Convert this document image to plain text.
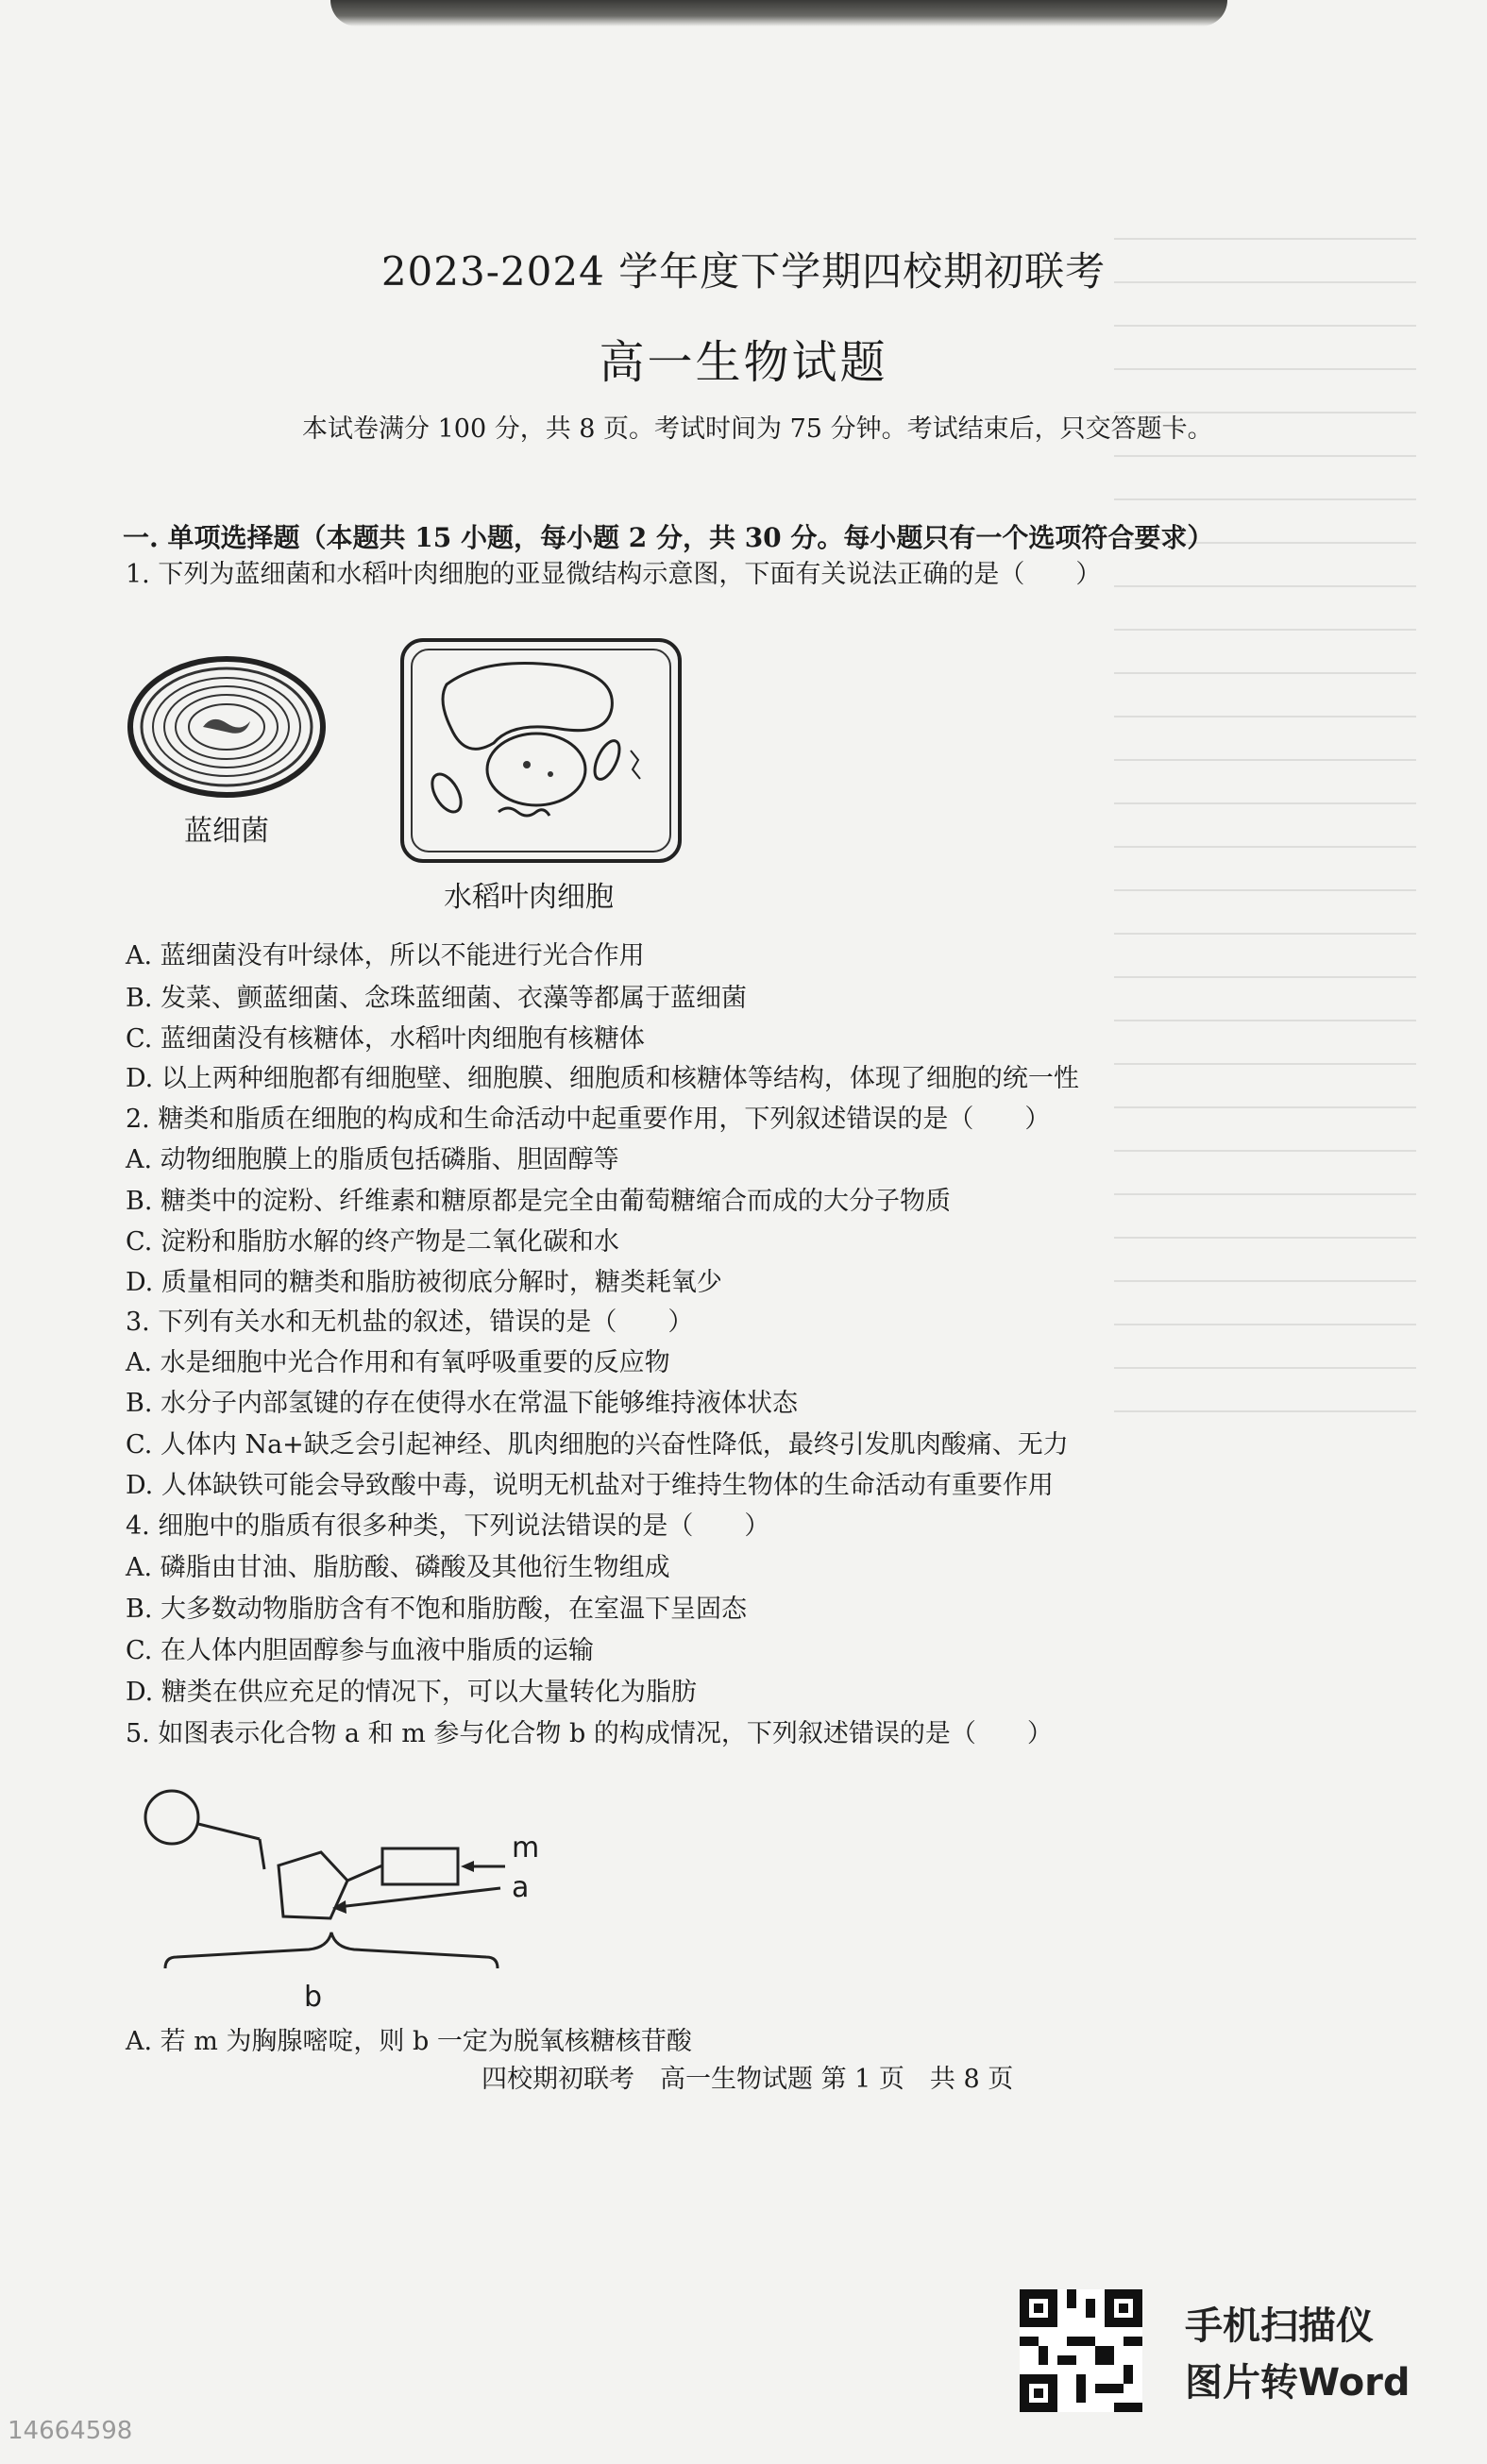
2023-2024 学年度下学期四校期初联考
高一生物试题
本试卷满分 100 分，共 8 页。考试时间为 75 分钟。考试结束后，只交答题卡。
一. 单项选择题（本题共 15 小题，每小题 2 分，共 30 分。每小题只有一个选项符合要求）
1. 下列为蓝细菌和水稻叶肉细胞的亚显微结构示意图，下面有关说法正确的是（　　）
蓝细菌
水稻叶肉细胞
A. 蓝细菌没有叶绿体，所以不能进行光合作用
B. 发菜、颤蓝细菌、念珠蓝细菌、衣藻等都属于蓝细菌
C. 蓝细菌没有核糖体，水稻叶肉细胞有核糖体
D. 以上两种细胞都有细胞壁、细胞膜、细胞质和核糖体等结构，体现了细胞的统一性
2. 糖类和脂质在细胞的构成和生命活动中起重要作用，下列叙述错误的是（　　）
A. 动物细胞膜上的脂质包括磷脂、胆固醇等
B. 糖类中的淀粉、纤维素和糖原都是完全由葡萄糖缩合而成的大分子物质
C. 淀粉和脂肪水解的终产物是二氧化碳和水
D. 质量相同的糖类和脂肪被彻底分解时，糖类耗氧少
3. 下列有关水和无机盐的叙述，错误的是（　　）
A. 水是细胞中光合作用和有氧呼吸重要的反应物
B. 水分子内部氢键的存在使得水在常温下能够维持液体状态
C. 人体内 Na+缺乏会引起神经、肌肉细胞的兴奋性降低，最终引发肌肉酸痛、无力
D. 人体缺铁可能会导致酸中毒，说明无机盐对于维持生物体的生命活动有重要作用
4. 细胞中的脂质有很多种类，下列说法错误的是（　　）
A. 磷脂由甘油、脂肪酸、磷酸及其他衍生物组成
B. 大多数动物脂肪含有不饱和脂肪酸，在室温下呈固态
C. 在人体内胆固醇参与血液中脂质的运输
D. 糖类在供应充足的情况下，可以大量转化为脂肪
5. 如图表示化合物 a 和 m 参与化合物 b 的构成情况，下列叙述错误的是（　　）
m
a
b
A. 若 m 为胸腺嘧啶，则 b 一定为脱氧核糖核苷酸
四校期初联考　高一生物试题 第 1 页　共 8 页
手机扫描仪
图片转Word
14664598
